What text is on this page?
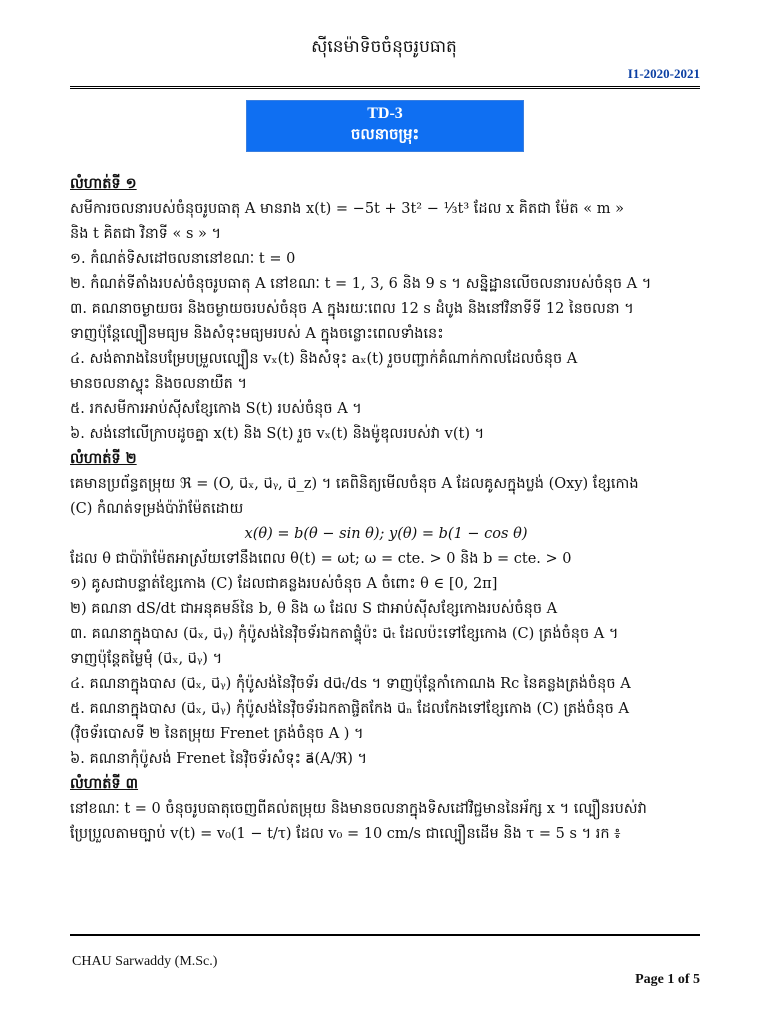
ស៊ីនេម៉ាទិចចំនុចរូបធាតុ
I1-2020-2021
TD-3
ចលនាចម្រុះ
លំហាត់ទី ១
សមីការចលនារបស់ចំនុចរូបធាតុ A មានរាង x(t) = −5t + 3t² − ⅓t³ ដែល x គិតជា ម៉ែត « m »
និង t គិតជា វិនាទី « s » ។
១. កំណត់ទិសដៅចលនានៅខណៈ t = 0
២. កំណត់ទីតាំងរបស់ចំនុចរូបធាតុ A នៅខណៈ t = 1, 3, 6 និង 9 s ។ សន្និដ្ឋានលើចលនារបស់ចំនុច A ។
៣. គណនាចម្ងាយចរ និងចម្ងាយចរបស់ចំនុច A ក្នុងរយៈពេល 12 s ដំបូង និងនៅវិនាទីទី 12 នៃចលនា ។
ទាញប៉ុន្តែល្បឿនមធ្យម និងសំទុះមធ្យមរបស់ A ក្នុងចន្លោះពេលទាំងនេះ
៤. សង់តារាងនៃបម្រែបម្រួលល្បឿន vₓ(t) និងសំទុះ aₓ(t) រួចបញ្ជាក់គំណាក់កាលដែលចំនុច A
មានចលនាស្ទុះ និងចលនាយឺត ។
៥. រកសមីការអាប់ស៊ីសខ្សែកោង S(t) របស់ចំនុច A ។
៦. សង់នៅលើក្រាបដូចគ្នា x(t) និង S(t) រួច vₓ(t) និងម៉ូឌុលរបស់វា v(t) ។
លំហាត់ទី ២
គេមានប្រព័ន្ធតម្រុយ ℜ = (O, u⃗ₓ, u⃗ᵧ, u⃗_z) ។ គេពិនិត្យមើលចំនុច A ដែលគូសក្នុងប្លង់ (Oxy) ខ្សែកោង
(C) កំណត់ទម្រង់ប៉ារ៉ាម៉ែតដោយ
x(θ) = b(θ − sin θ); y(θ) = b(1 − cos θ)
ដែល θ ជាប៉ារ៉ាម៉ែតអាស្រ័យទៅនឹងពេល θ(t) = ωt; ω = cte. > 0 និង b = cte. > 0
១) គូសជាបន្ទាត់ខ្សែកោង (C) ដែលជាគន្លងរបស់ចំនុច A ចំពោះ θ ∈ [0, 2π]
២) គណនា dS/dt ជាអនុគមន៍នៃ b, θ និង ω ដែល S ជាអាប់ស៊ីសខ្សែកោងរបស់ចំនុច A
៣. គណនាក្នុងបាស (u⃗ₓ, u⃗ᵧ) កុំប៉ូសង់នៃវ៉ិចទ័រឯកតាផ្ទុំប៉ះ u⃗ₜ ដែលប៉ះទៅខ្សែកោង (C) ត្រង់ចំនុច A ។
ទាញប៉ុន្តែតម្លៃមុំ (u⃗ₓ, u⃗ᵧ) ។
៤. គណនាក្នុងបាស (u⃗ₓ, u⃗ᵧ) កុំប៉ូសង់នៃវ៉ិចទ័រ du⃗ₜ/ds ។ ទាញប៉ុន្តែកាំកោណង Rc នៃគន្លងត្រង់ចំនុច A
៥. គណនាក្នុងបាស (u⃗ₓ, u⃗ᵧ) កុំប៉ូសង់នៃវ៉ិចទ័រឯកតាផ្ចិតកែង u⃗ₙ ដែលកែងទៅខ្សែកោង (C) ត្រង់ចំនុច A
(វ៉ិចទ័របោសទី ២ នៃតម្រុយ Frenet ត្រង់ចំនុច A ) ។
៦. គណនាកុំប៉ូសង់ Frenet នៃវ៉ិចទ័រសំទុះ a⃗(A/ℜ) ។
លំហាត់ទី ៣
នៅខណៈ t = 0 ចំនុចរូបធាតុចេញពីគល់តម្រុយ និងមានចលនាក្នុងទិសដៅវិជ្ជមាននៃអ័ក្ស x ។ ល្បឿនរបស់វា
ប្រែប្រួលតាមច្បាប់ v(t) = v₀(1 − t/τ) ដែល v₀ = 10 cm/s ជាល្បឿនដើម និង τ = 5 s ។ រក ៖
CHAU Sarwaddy (M.Sc.)
Page 1 of 5
